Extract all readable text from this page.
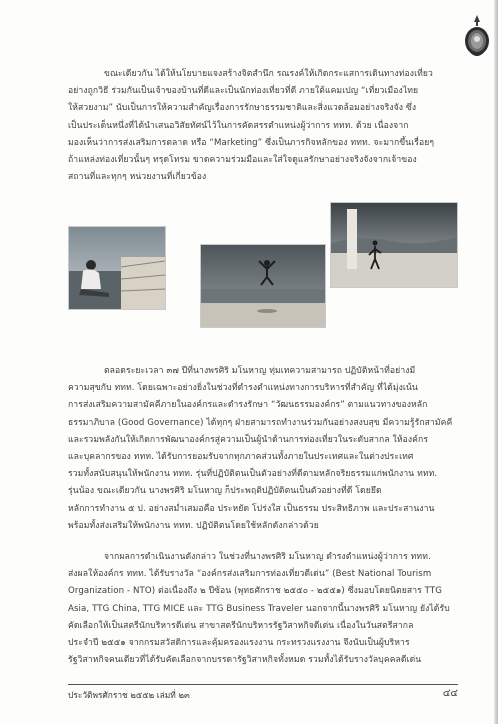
ขณะเดียวกัน ได้ให้นโยบายแจงสร้างจิตสำนึก รณรงค์ให้เกิดกระแสการเดินทางท่องเที่ยว
อย่างถูกวิธี ร่วมกันเป็นเจ้าของบ้านที่ดีและเป็นนักท่องเที่ยวที่ดี ภายใต้แคมเปญ “เที่ยวเมืองไทย
ให้สวยงาม” นับเป็นการให้ความสำคัญเรื่องการรักษาธรรมชาติและสิ่งแวดล้อมอย่างจริงจัง ซึ่ง
เป็นประเด็นหนึ่งที่ได้นำเสนอวิสัยทัศน์ไว้ในการคัดสรรตำแหน่งผู้ว่าการ ททท. ด้วย เนื่องจาก
มองเห็นว่าการส่งเสริมการตลาด หรือ “Marketing” ซึ่งเป็นภารกิจหลักของ ททท. จะมากขึ้นเรื่อยๆ
ถ้าแหล่งท่องเที่ยวนั้นๆ ทรุดโทรม ขาดความร่วมมือและใส่ใจดูแลรักษาอย่างจริงจังจากเจ้าของ
สถานที่และทุกๆ หน่วยงานที่เกี่ยวข้อง

ตลอดระยะเวลา ๓๗ ปีที่นางพรศิริ มโนหาญ ทุ่มเทความสามารถ ปฏิบัติหน้าที่อย่างมี
ความสุขกับ ททท. โดยเฉพาะอย่างยิ่งในช่วงที่ดำรงตำแหน่งทางการบริหารที่สำคัญ ที่ได้มุ่งเน้น
การส่งเสริมความสามัคคีภายในองค์กรและดำรงรักษา “วัฒนธรรมองค์กร” ตามแนวทางของหลัก
ธรรมาภิบาล (Good Governance) ได้ทุกๆ ฝ่ายสามารถทำงานร่วมกันอย่างสงบสุข มีความรู้รักสามัคคี
และรวมพลังกันให้เกิดการพัฒนาองค์กรสู่ความเป็นผู้นำด้านการท่องเที่ยวในระดับสากล ให้องค์กร
และบุคลากรของ ททท. ได้รับการยอมรับจากทุกภาคส่วนทั้งภายในประเทศและในต่างประเทศ
รวมทั้งสนับสนุนให้พนักงาน ททท. รุ่นที่ปฏิบัติตนเป็นตัวอย่างที่ดีตามหลักจริยธรรมแก่พนักงาน ททท.
รุ่นน้อง ขณะเดียวกัน นางพรศิริ มโนหาญ ก็ประพฤติปฏิบัติตนเป็นตัวอย่างที่ดี โดยยึด
หลักการทำงาน ๕ ป. อย่างสม่ำเสมอคือ ประหยัด โปร่งใส เป็นธรรม ประสิทธิภาพ และประสานงาน
พร้อมทั้งส่งเสริมให้พนักงาน ททท. ปฏิบัติตนโดยใช้หลักดังกล่าวด้วย

จากผลการดำเนินงานดังกล่าว ในช่วงที่นางพรศิริ มโนหาญ ดำรงตำแหน่งผู้ว่าการ ททท.
ส่งผลให้องค์กร ททท. ได้รับรางวัล “องค์กรส่งเสริมการท่องเที่ยวดีเด่น” (Best National Tourism
Organization - NTO) ต่อเนื่องถึง ๒ ปีซ้อน (พุทธศักราช ๒๕๕๐ - ๒๕๕๑) ซึ่งมอบโดยนิตยสาร TTG
Asia, TTG China, TTG MICE และ TTG Business Traveler นอกจากนี้นางพรศิริ มโนหาญ ยังได้รับ
คัดเลือกให้เป็นสตรีนักบริหารดีเด่น สาขาสตรีนักบริหารรัฐวิสาหกิจดีเด่น เนื่องในวันสตรีสากล
ประจำปี ๒๕๕๑ จากกรมสวัสดิการและคุ้มครองแรงงาน กระทรวงแรงงาน จึงนับเป็นผู้บริหาร
รัฐวิสาหกิจคนเดียวที่ได้รับคัดเลือกจากบรรดารัฐวิสาหกิจทั้งหมด รวมทั้งได้รับรางวัลบุคคลดีเด่น

ประวัติพรศักราช ๒๕๕๒ เล่มที่ ๒๓	๔๔
